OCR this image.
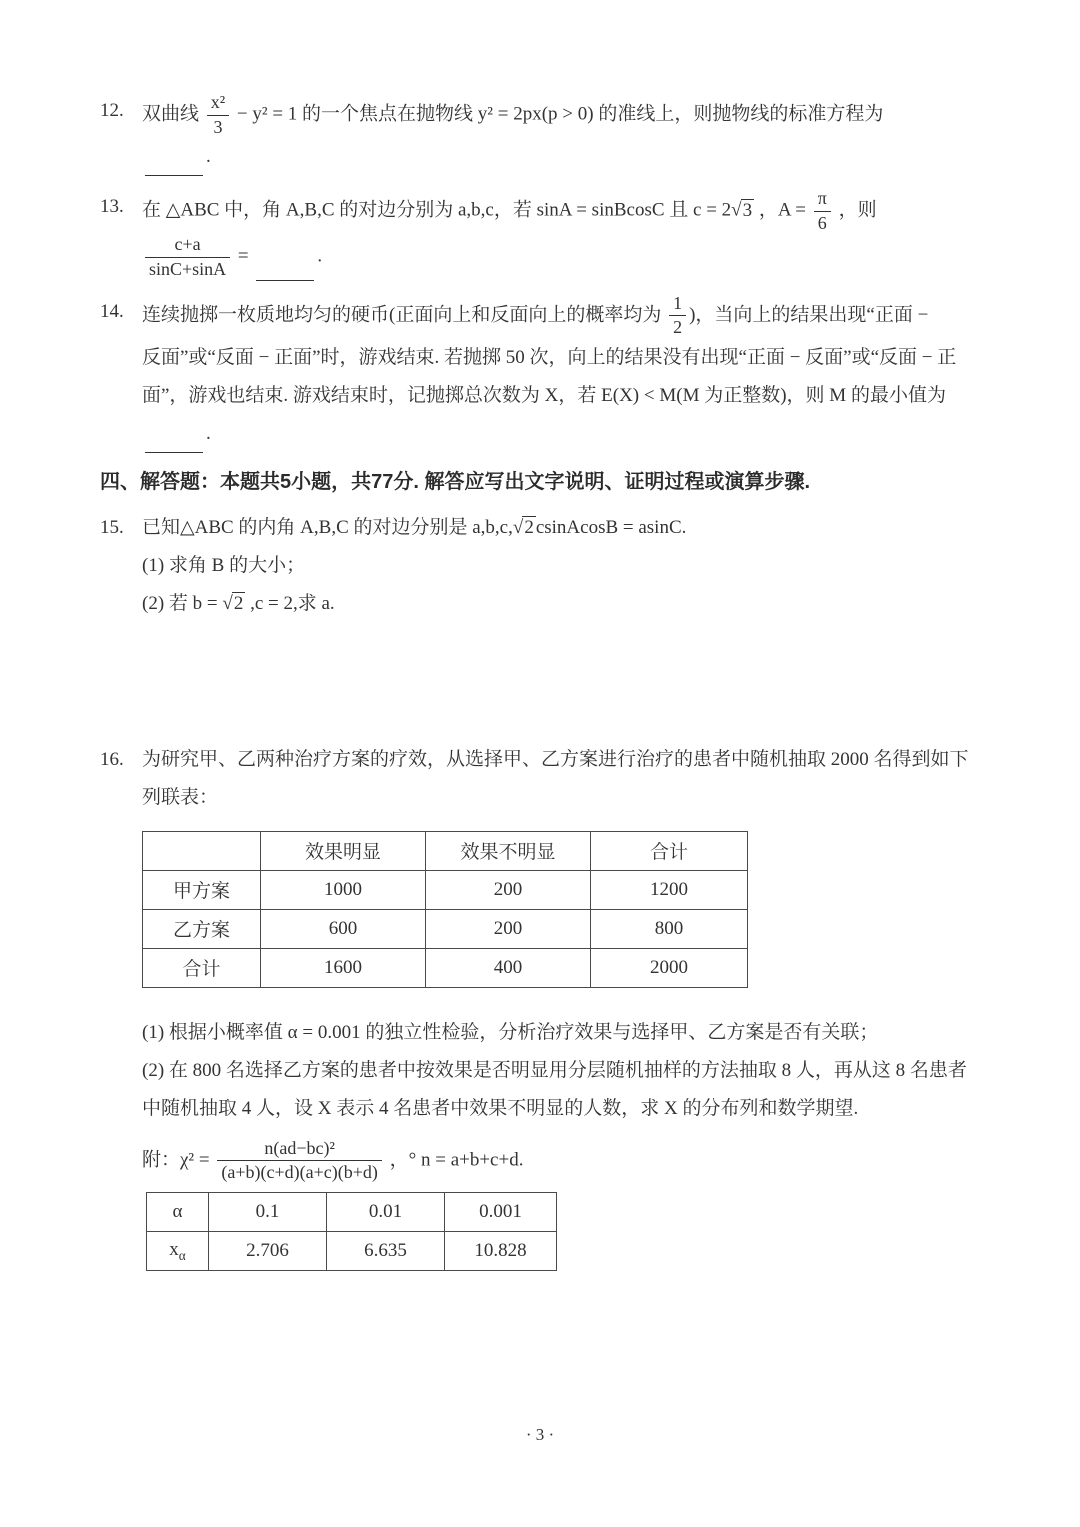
12. 双曲线 $\frac{\text{x²}}{3} - y^2 = 1$ 的一个焦点在抛物线 y² = 2px(p > 0) 的准线上，则抛物线的标准方程为

.

13. 在 △ABC 中，角 A,B,C 的对边分别为 a,b,c，若 sinA = sinBcosC 且 c = 2√ 3 ，$A = \frac{\pi}{6}$ ，则

$\frac{c+a}{\sin C+\sin A}$ =	.

14. 连续抛掷一枚质地均匀的硬币(正面向上和反面向上的概率均为 $\frac{1}{2}$ )，当向上的结果出现“正面 −

反面”或“反面 − 正面”时，游戏结束. 若抛掷 50 次，向上的结果没有出现“正面 − 反面”或“反面 − 正

面”，游戏也结束. 游戏结束时，记抛掷总次数为 X，若 E(X) < M(M 为正整数)，则 M 的最小值为

.

四、解答题：本题共5小题，共77分. 解答应写出文字说明、证明过程或演算步骤.
15. 已知△ABC 的内角 A,B,C 的对边分别是 a,b,c,√ 2 csinAcosB = asinC.

(1) 求角 B 的大小；

(2) 若 b = √ 2 ,c = 2,求 a.

16. 为研究甲、乙两种治疗方案的疗效，从选择甲、乙方案进行治疗的患者中随机抽取 2000 名得到如下

列联表：

	效果明显	效果不明显	合计
甲方案	1000	200	1200
乙方案	600	200	800
合计	1600	400	2000

(1) 根据小概率值 α = 0.001 的独立性检验，分析治疗效果与选择甲、乙方案是否有关联；

(2) 在 800 名选择乙方案的患者中按效果是否明显用分层随机抽样的方法抽取 8 人，再从这 8 名患者

中随机抽取 4 人，设 X 表示 4 名患者中效果不明显的人数，求 X 的分布列和数学期望.

附：$\chi^2 = \frac{\text{n(ad−bc)²}}{(a+b)(c+d)(a+c)(b+d)}$ ，° n = a+b+c+d.

α	0.1	0.01	0.001
$x_\alpha$	2.706	6.635	10.828
· 3 ·
